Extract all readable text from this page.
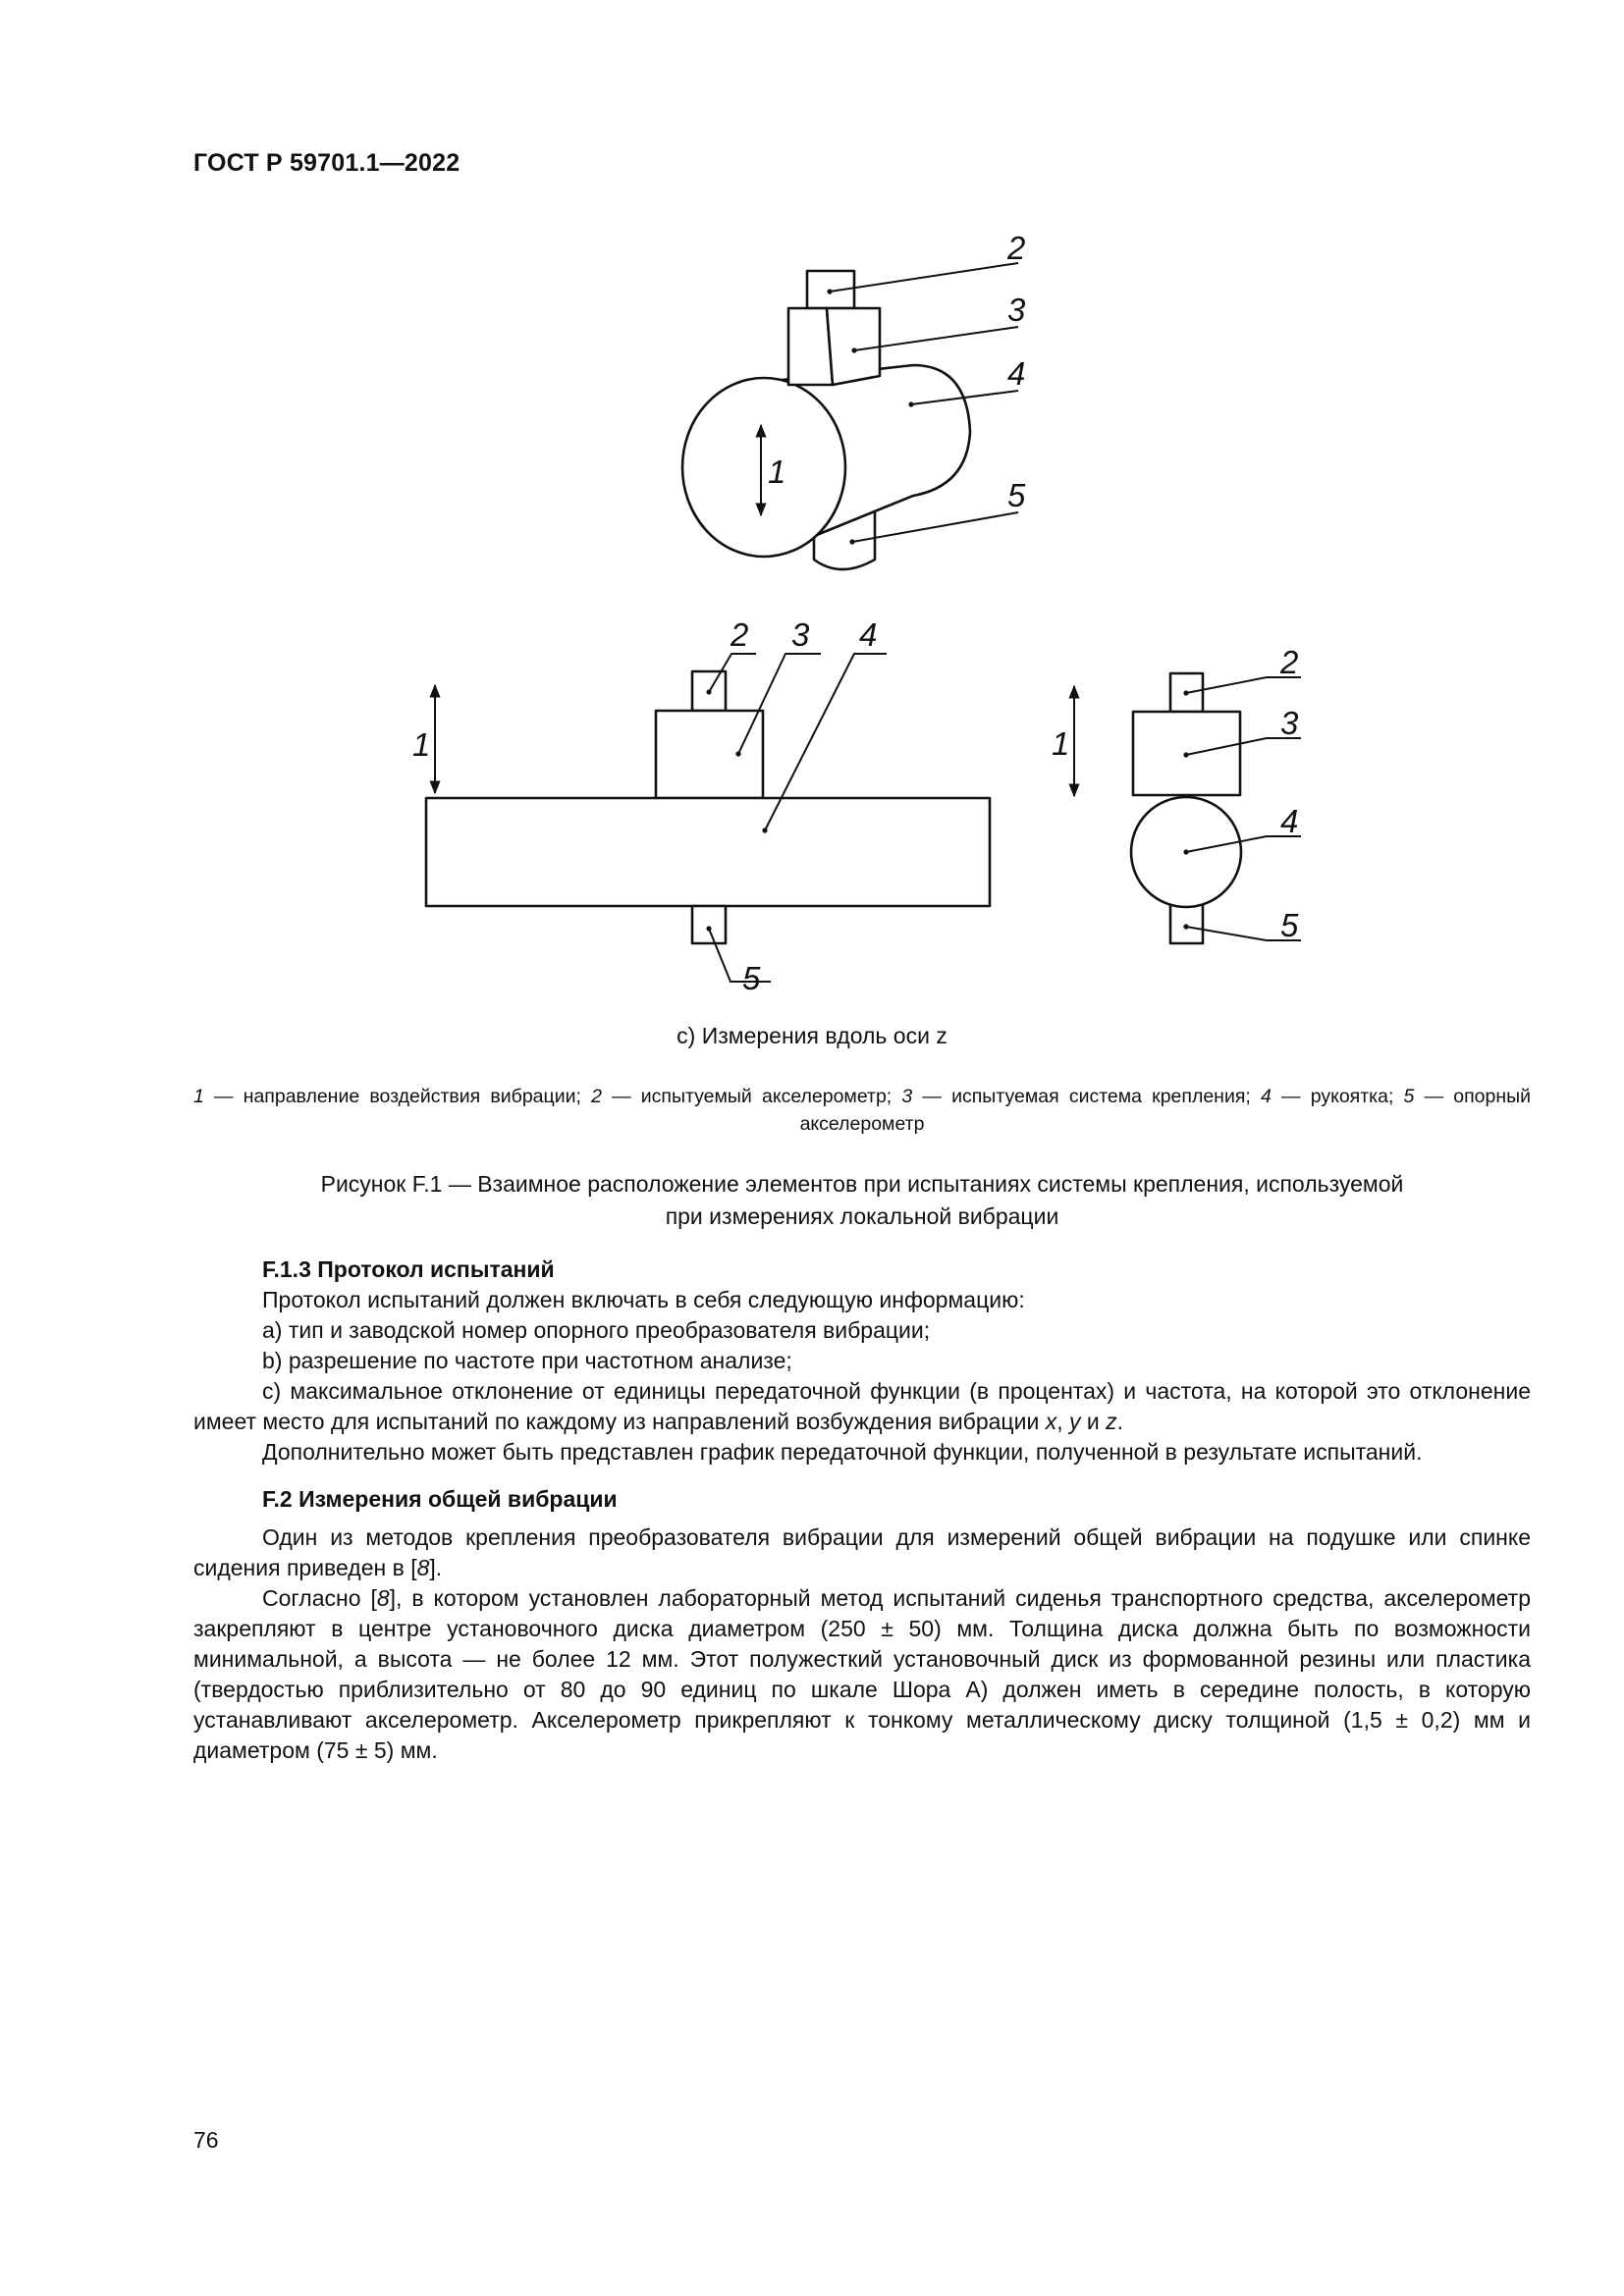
ГОСТ Р 59701.1—2022
1
2
3
4
5
1
2 3 4
5
1
2
3
4
5
с) Измерения вдоль оси z
1 — направление воздействия вибрации; 2 — испытуемый акселерометр; 3 — испытуемая система крепления; 4 — рукоятка; 5 — опорный акселерометр
Рисунок F.1 — Взаимное расположение элементов при испытаниях системы крепления, используемой
при измерениях локальной вибрации
F.1.3 Протокол испытаний

Протокол испытаний должен включать в себя следующую информацию:

а) тип и заводской номер опорного преобразователя вибрации;

b) разрешение по частоте при частотном анализе;

с) максимальное отклонение от единицы передаточной функции (в процентах) и частота, на которой это отклонение имеет место для испытаний по каждому из направлений возбуждения вибрации x, y и z.

Дополнительно может быть представлен график передаточной функции, полученной в результате испытаний.

F.2 Измерения общей вибрации

Один из методов крепления преобразователя вибрации для измерений общей вибрации на подушке или спинке сидения приведен в [8].

Согласно [8], в котором установлен лабораторный метод испытаний сиденья транспортного средства, акселерометр закрепляют в центре установочного диска диаметром (250 ± 50) мм. Толщина диска должна быть по возможности минимальной, а высота — не более 12 мм. Этот полужесткий установочный диск из формованной резины или пластика (твердостью приблизительно от 80 до 90 единиц по шкале Шора А) должен иметь в середине полость, в которую устанавливают акселерометр. Акселерометр прикрепляют к тонкому металлическому диску толщиной (1,5 ± 0,2) мм и диаметром (75 ± 5) мм.

76
